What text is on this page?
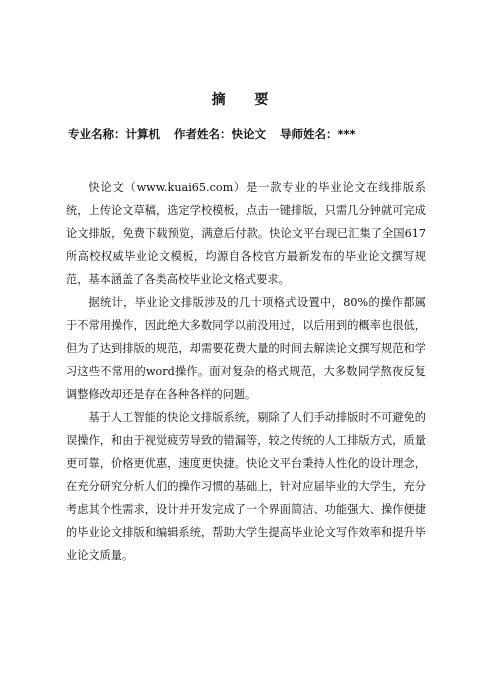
摘 要
专业名称：计算机 作者姓名：快论文 导师姓名：***

快论文（www.kuai65.com）是一款专业的毕业论文在线排版系统，上传论文草稿，选定学校模板，点击一键排版，只需几分钟就可完成论文排版，免费下载预览，满意后付款。快论文平台现已汇集了全国617所高校权威毕业论文模板，均源自各校官方最新发布的毕业论文撰写规范，基本涵盖了各类高校毕业论文格式要求。

据统计，毕业论文排版涉及的几十项格式设置中，80%的操作都属于不常用操作，因此绝大多数同学以前没用过，以后用到的概率也很低，但为了达到排版的规范，却需要花费大量的时间去解读论文撰写规范和学习这些不常用的word操作。面对复杂的格式规范，大多数同学熬夜反复调整修改却还是存在各种各样的问题。

基于人工智能的快论文排版系统，剔除了人们手动排版时不可避免的误操作，和由于视觉疲劳导致的错漏等，较之传统的人工排版方式，质量更可靠，价格更优惠，速度更快捷。快论文平台秉持人性化的设计理念，在充分研究分析人们的操作习惯的基础上，针对应届毕业的大学生，充分考虑其个性需求，设计并开发完成了一个界面简洁、功能强大、操作便捷的毕业论文排版和编辑系统，帮助大学生提高毕业论文写作效率和提升毕业论文质量。
